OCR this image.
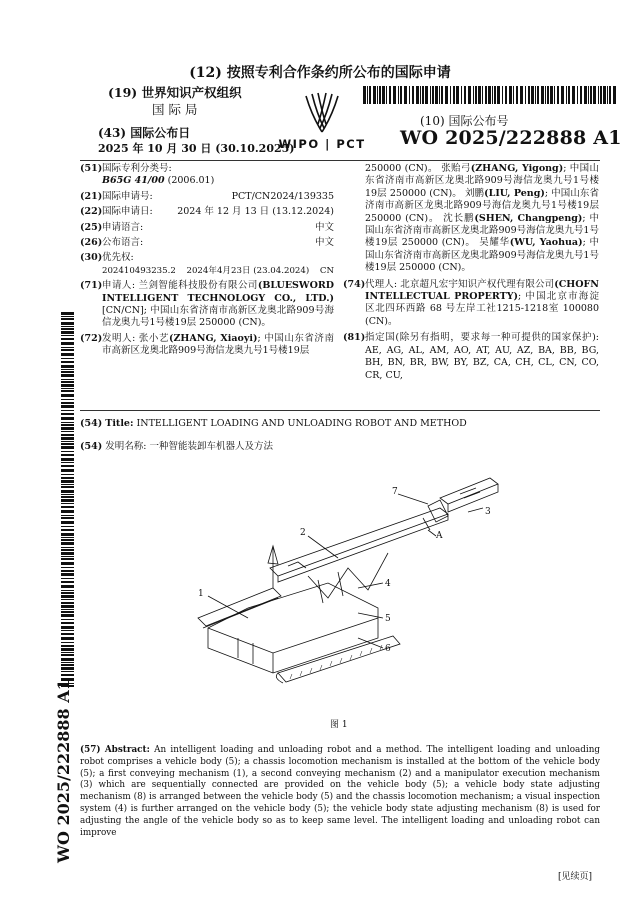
(12) 按照专利合作条约所公布的国际申请
(19) 世界知识产权组织
国 际 局
(43) 国际公布日
2025 年 10 月 30 日 (30.10.2025)
WIPO | PCT
(10) 国际公布号
WO 2025/222888 A1
(51) 国际专利分类号:
B65G 41/00 (2006.01)
(21) 国际申请号:	PCT/CN2024/139335
(22) 国际申请日:	2024 年 12 月 13 日 (13.12.2024)
(25) 申请语言:	中文
(26) 公布语言:	中文
(30) 优先权:
202410493235.2 2024年4月23日 (23.04.2024) CN
(71) 申请人: 兰剑智能科技股份有限公司(BLUESWORD INTELLIGENT TECHNOLOGY CO., LTD.) [CN/CN]; 中国山东省济南市高新区龙奥北路909号海信龙奥九号1号楼19层 250000 (CN)。
(72) 发明人: 张小艺(ZHANG, Xiaoyi); 中国山东省济南市高新区龙奥北路909号海信龙奥九号1号楼19层
250000 (CN)。 张贻弓(ZHANG, Yigong); 中国山东省济南市高新区龙奥北路909号海信龙奥九号1号楼19层 250000 (CN)。 刘鹏(LIU, Peng); 中国山东省济南市高新区龙奥北路909号海信龙奥九号1号楼19层 250000 (CN)。 沈长鹏(SHEN, Changpeng); 中国山东省济南市高新区龙奥北路909号海信龙奥九号1号楼19层 250000 (CN)。 吴耀华(WU, Yaohua); 中国山东省济南市高新区龙奥北路909号海信龙奥九号1号楼19层 250000 (CN)。
(74) 代理人: 北京超凡宏宇知识产权代理有限公司(CHOFN INTELLECTUAL PROPERTY); 中国北京市海淀区北四环西路 68 号左岸工社1215-1218室 100080 (CN)。
(81) 指定国(除另有指明，要求每一种可提供的国家保护): AE, AG, AL, AM, AO, AT, AU, AZ, BA, BB, BG, BH, BN, BR, BW, BY, BZ, CA, CH, CL, CN, CO, CR, CU,
(54) Title: INTELLIGENT LOADING AND UNLOADING ROBOT AND METHOD
(54) 发明名称: 一种智能装卸车机器人及方法
1
2
3
4
5
6
7
A
图 1
(57) Abstract: An intelligent loading and unloading robot and a method. The intelligent loading and unloading robot comprises a vehicle body (5); a chassis locomotion mechanism is installed at the bottom of the vehicle body (5); a first conveying mechanism (1), a second conveying mechanism (2) and a manipulator execution mechanism (3) which are sequentially connected are provided on the vehicle body (5); a vehicle body state adjusting mechanism (8) is arranged between the vehicle body (5) and the chassis locomotion mechanism; a visual inspection system (4) is further arranged on the vehicle body (5); the vehicle body state adjusting mechanism (8) is used for adjusting the angle of the vehicle body so as to keep same level. The intelligent loading and unloading robot can improve
WO 2025/222888 A1
[见续页]
